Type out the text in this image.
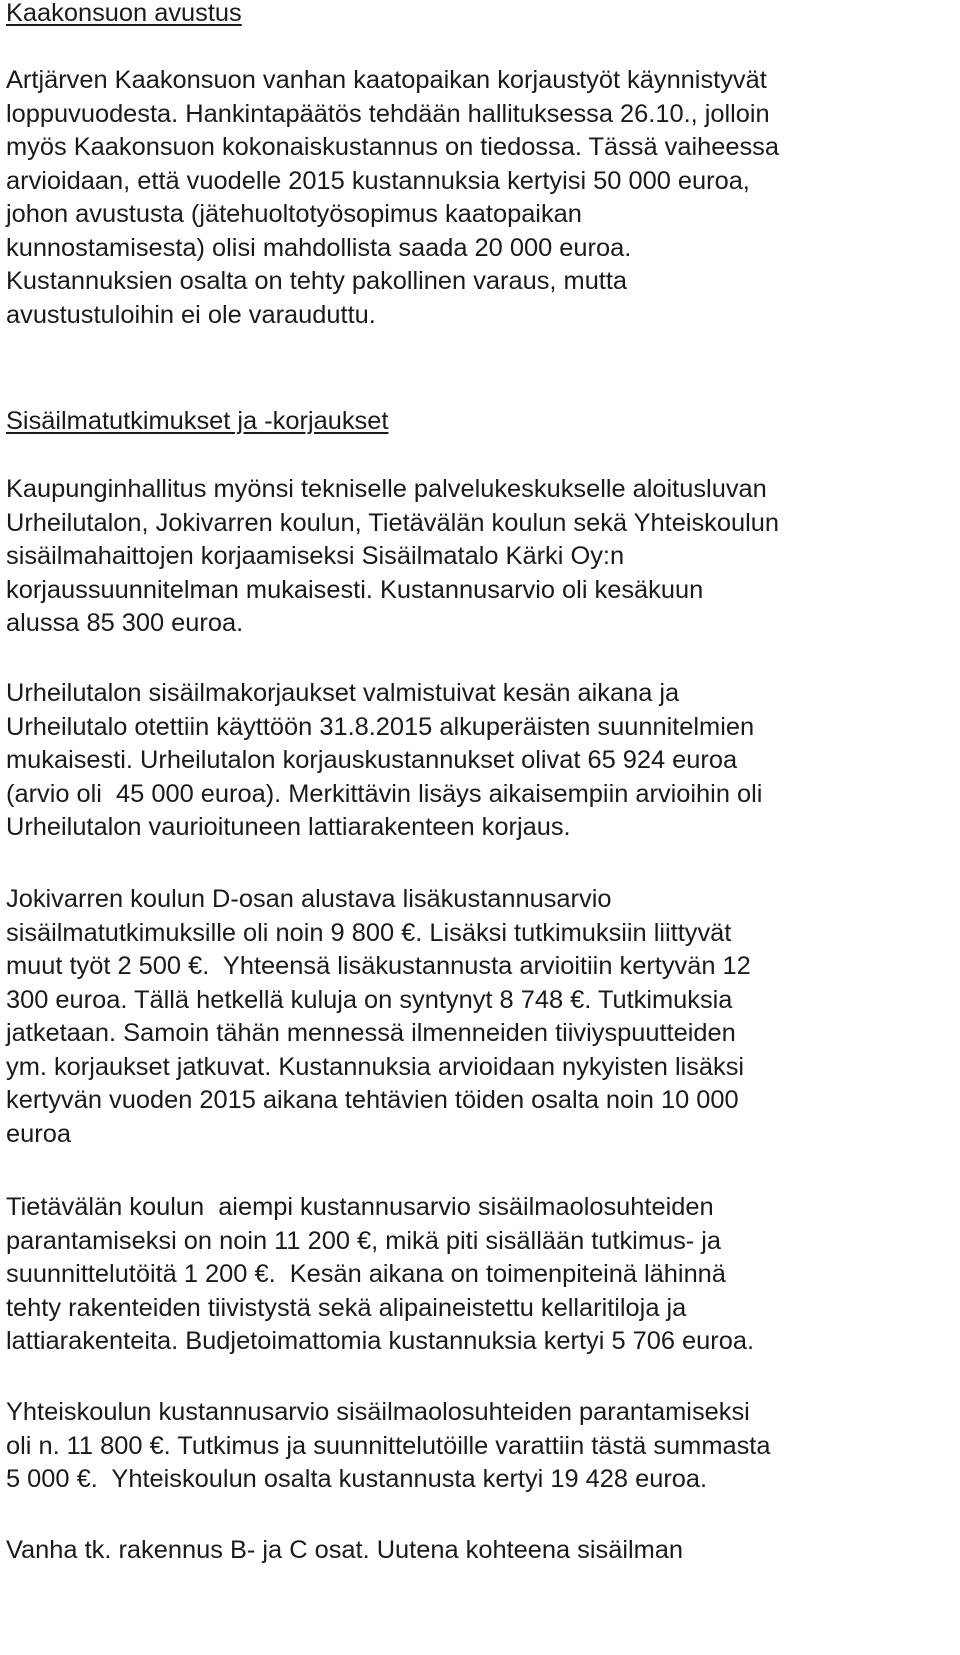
Kaakonsuon avustus
Artjärven Kaakonsuon vanhan kaatopaikan korjaustyöt käynnistyvät
loppuvuodesta. Hankintapäätös tehdään hallituksessa 26.10., jolloin
myös Kaakonsuon kokonaiskustannus on tiedossa. Tässä vaiheessa
arvioidaan, että vuodelle 2015 kustannuksia kertyisi 50 000 euroa,
johon avustusta (jätehuoltotyösopimus kaatopaikan
kunnostamisesta) olisi mahdollista saada 20 000 euroa.
Kustannuksien osalta on tehty pakollinen varaus, mutta
avustustuloihin ei ole varauduttu.
Sisäilmatutkimukset ja -korjaukset
Kaupunginhallitus myönsi tekniselle palvelukeskukselle aloitusluvan
Urheilutalon, Jokivarren koulun, Tietävälän koulun sekä Yhteiskoulun
sisäilmahaittojen korjaamiseksi Sisäilmatalo Kärki Oy:n
korjaussuunnitelman mukaisesti. Kustannusarvio oli kesäkuun
alussa 85 300 euroa.
Urheilutalon sisäilmakorjaukset valmistuivat kesän aikana ja
Urheilutalo otettiin käyttöön 31.8.2015 alkuperäisten suunnitelmien
mukaisesti. Urheilutalon korjauskustannukset olivat 65 924 euroa
(arvio oli  45 000 euroa). Merkittävin lisäys aikaisempiin arvioihin oli
Urheilutalon vaurioituneen lattiarakenteen korjaus.
Jokivarren koulun D-osan alustava lisäkustannusarvio
sisäilmatutkimuksille oli noin 9 800 €. Lisäksi tutkimuksiin liittyvät
muut työt 2 500 €.  Yhteensä lisäkustannusta arvioitiin kertyvän 12
300 euroa. Tällä hetkellä kuluja on syntynyt 8 748 €. Tutkimuksia
jatketaan. Samoin tähän mennessä ilmenneiden tiiviyspuutteiden
ym. korjaukset jatkuvat. Kustannuksia arvioidaan nykyisten lisäksi
kertyvän vuoden 2015 aikana tehtävien töiden osalta noin 10 000
euroa
Tietävälän koulun  aiempi kustannusarvio sisäilmaolosuhteiden
parantamiseksi on noin 11 200 €, mikä piti sisällään tutkimus- ja
suunnittelutöitä 1 200 €.  Kesän aikana on toimenpiteinä lähinnä
tehty rakenteiden tiivistystä sekä alipaineistettu kellaritiloja ja
lattiarakenteita. Budjetoimattomia kustannuksia kertyi 5 706 euroa.
Yhteiskoulun kustannusarvio sisäilmaolosuhteiden parantamiseksi
oli n. 11 800 €. Tutkimus ja suunnittelutöille varattiin tästä summasta
5 000 €.  Yhteiskoulun osalta kustannusta kertyi 19 428 euroa.
Vanha tk. rakennus B- ja C osat. Uutena kohteena sisäilman
